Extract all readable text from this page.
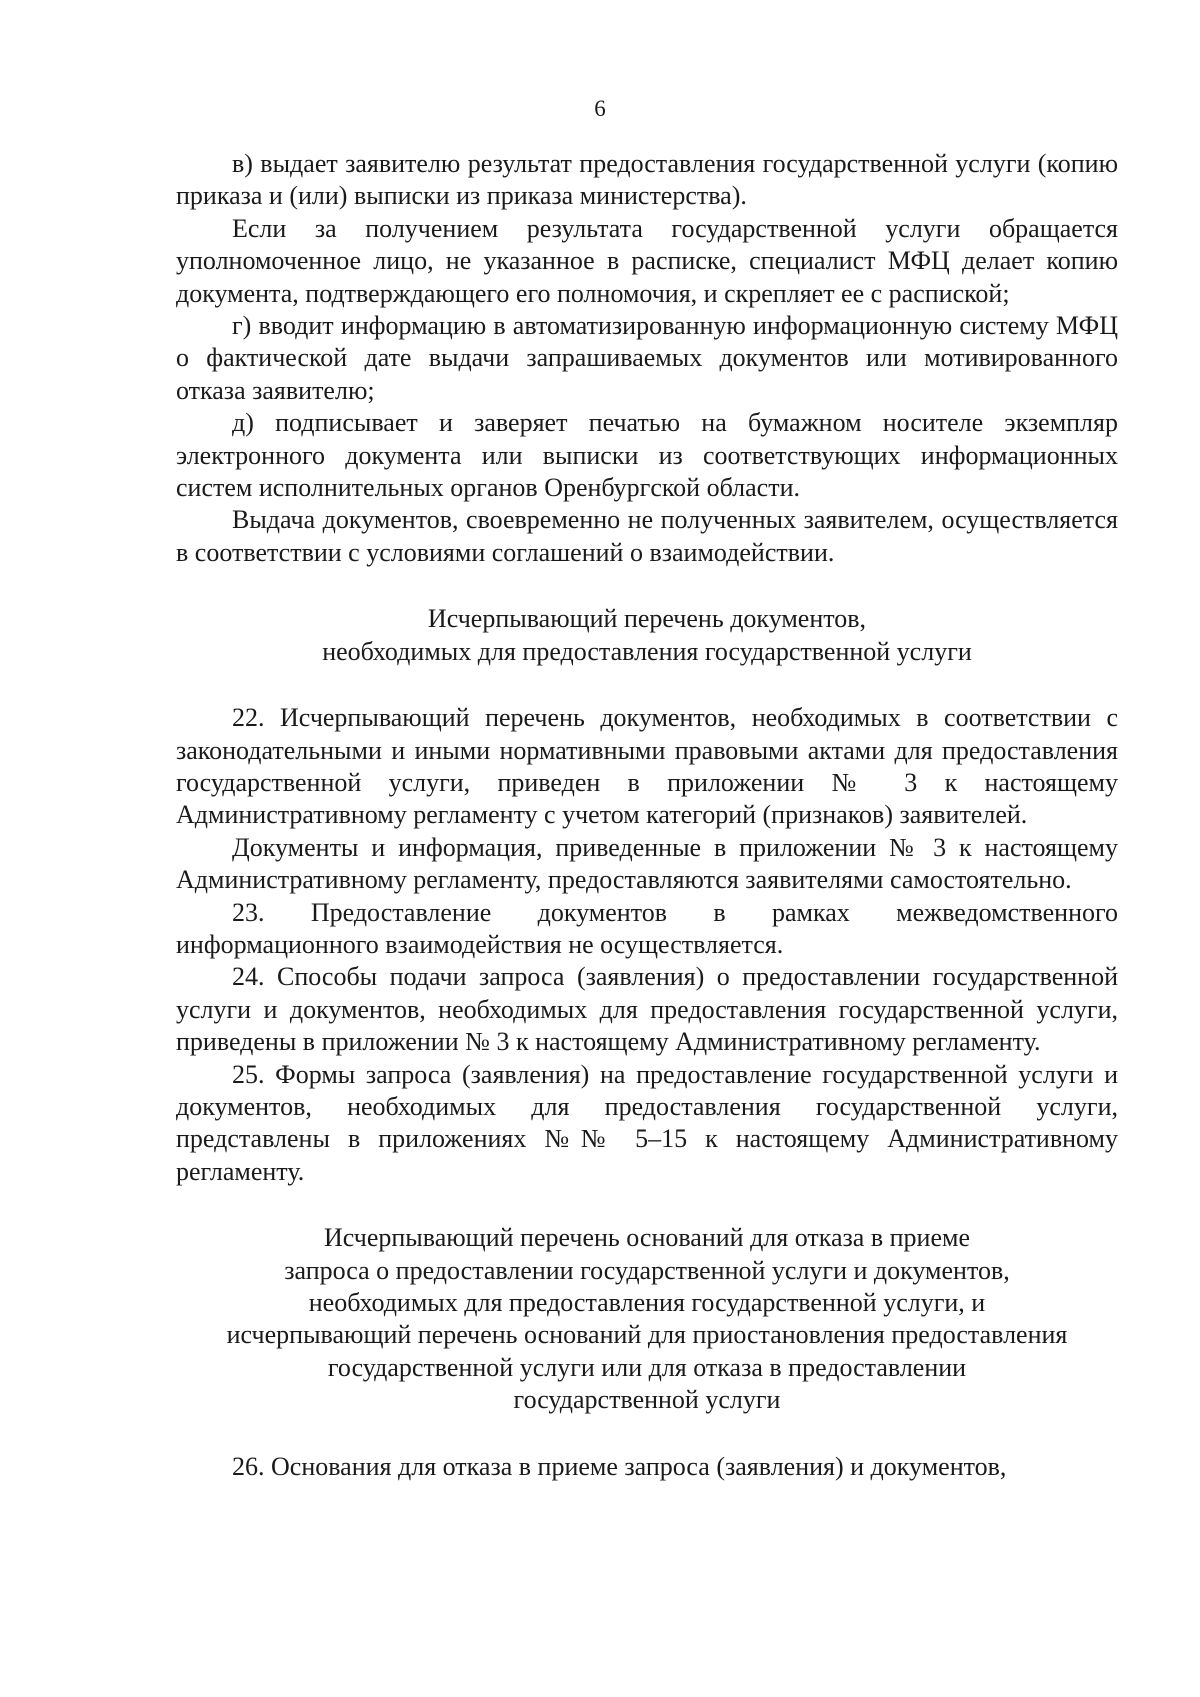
6

в) выдает заявителю результат предоставления государственной услуги (копию приказа и (или) выписки из приказа министерства).

Если за получением результата государственной услуги обращается уполномоченное лицо, не указанное в расписке, специалист МФЦ делает копию документа, подтверждающего его полномочия, и скрепляет ее с распиской;

г) вводит информацию в автоматизированную информационную систему МФЦ о фактической дате выдачи запрашиваемых документов или мотивированного отказа заявителю;

д) подписывает и заверяет печатью на бумажном носителе экземпляр электронного документа или выписки из соответствующих информационных систем исполнительных органов Оренбургской области.

Выдача документов, своевременно не полученных заявителем, осуществляется в соответствии с условиями соглашений о взаимодействии.

Исчерпывающий перечень документов,
необходимых для предоставления государственной услуги

22. Исчерпывающий перечень документов, необходимых в соответствии с законодательными и иными нормативными правовыми актами для предоставления государственной услуги, приведен в приложении № 3 к настоящему Административному регламенту с учетом категорий (признаков) заявителей.

Документы и информация, приведенные в приложении № 3 к настоящему Административному регламенту, предоставляются заявителями самостоятельно.

23. Предоставление документов в рамках межведомственного информационного взаимодействия не осуществляется.

24. Способы подачи запроса (заявления) о предоставлении государственной услуги и документов, необходимых для предоставления государственной услуги, приведены в приложении № 3 к настоящему Административному регламенту.

25. Формы запроса (заявления) на предоставление государственной услуги и документов, необходимых для предоставления государственной услуги, представлены в приложениях №№ 5–15 к настоящему Административному регламенту.

Исчерпывающий перечень оснований для отказа в приеме
запроса о предоставлении государственной услуги и документов,
необходимых для предоставления государственной услуги, и
исчерпывающий перечень оснований для приостановления предоставления
государственной услуги или для отказа в предоставлении
государственной услуги

26. Основания для отказа в приеме запроса (заявления) и документов,
